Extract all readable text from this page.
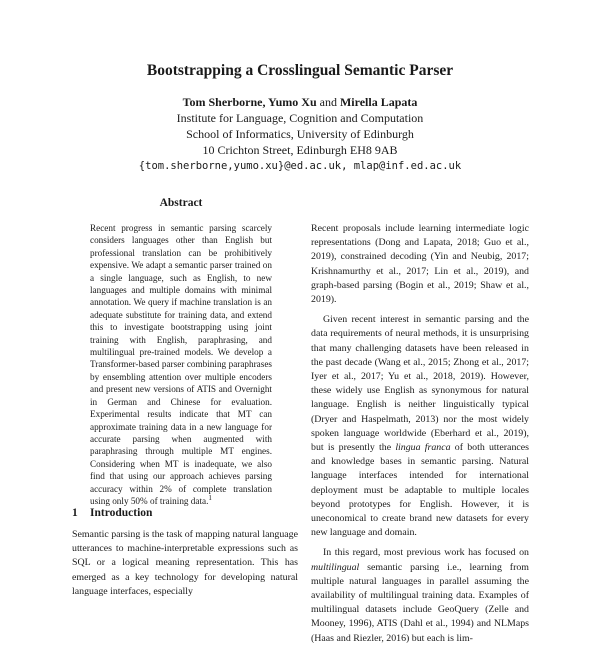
Bootstrapping a Crosslingual Semantic Parser
Tom Sherborne, Yumo Xu and Mirella Lapata
Institute for Language, Cognition and Computation
School of Informatics, University of Edinburgh
10 Crichton Street, Edinburgh EH8 9AB
{tom.sherborne,yumo.xu}@ed.ac.uk, mlap@inf.ed.ac.uk
Abstract

Recent progress in semantic parsing scarcely considers languages other than English but professional translation can be prohibitively expensive. We adapt a semantic parser trained on a single language, such as English, to new languages and multiple domains with minimal annotation. We query if machine translation is an adequate substitute for training data, and extend this to investigate bootstrapping using joint training with English, paraphrasing, and multilingual pre-trained models. We develop a Transformer-based parser combining paraphrases by ensembling attention over multiple encoders and present new versions of ATIS and Overnight in German and Chinese for evaluation. Experimental results indicate that MT can approximate training data in a new language for accurate parsing when augmented with paraphrasing through multiple MT engines. Considering when MT is inadequate, we also find that using our approach achieves parsing accuracy within 2% of complete translation using only 50% of training data.$^1$

1 Introduction

Semantic parsing is the task of mapping natural language utterances to machine-interpretable expressions such as SQL or a logical meaning representation. This has emerged as a key technology for developing natural language interfaces, especially

Recent proposals include learning intermediate logic representations (Dong and Lapata, 2018; Guo et al., 2019), constrained decoding (Yin and Neubig, 2017; Krishnamurthy et al., 2017; Lin et al., 2019), and graph-based parsing (Bogin et al., 2019; Shaw et al., 2019).

Given recent interest in semantic parsing and the data requirements of neural methods, it is unsurprising that many challenging datasets have been released in the past decade (Wang et al., 2015; Zhong et al., 2017; Iyer et al., 2017; Yu et al., 2018, 2019). However, these widely use English as synonymous for natural language. English is neither linguistically typical (Dryer and Haspelmath, 2013) nor the most widely spoken language worldwide (Eberhard et al., 2019), but is presently the lingua franca of both utterances and knowledge bases in semantic parsing. Natural language interfaces intended for international deployment must be adaptable to multiple locales beyond prototypes for English. However, it is uneconomical to create brand new datasets for every new language and domain.

In this regard, most previous work has focused on multilingual semantic parsing i.e., learning from multiple natural languages in parallel assuming the availability of multilingual training data. Examples of multilingual datasets include GeoQuery (Zelle and Mooney, 1996), ATIS (Dahl et al., 1994) and NLMaps (Haas and Riezler, 2016) but each is lim-
